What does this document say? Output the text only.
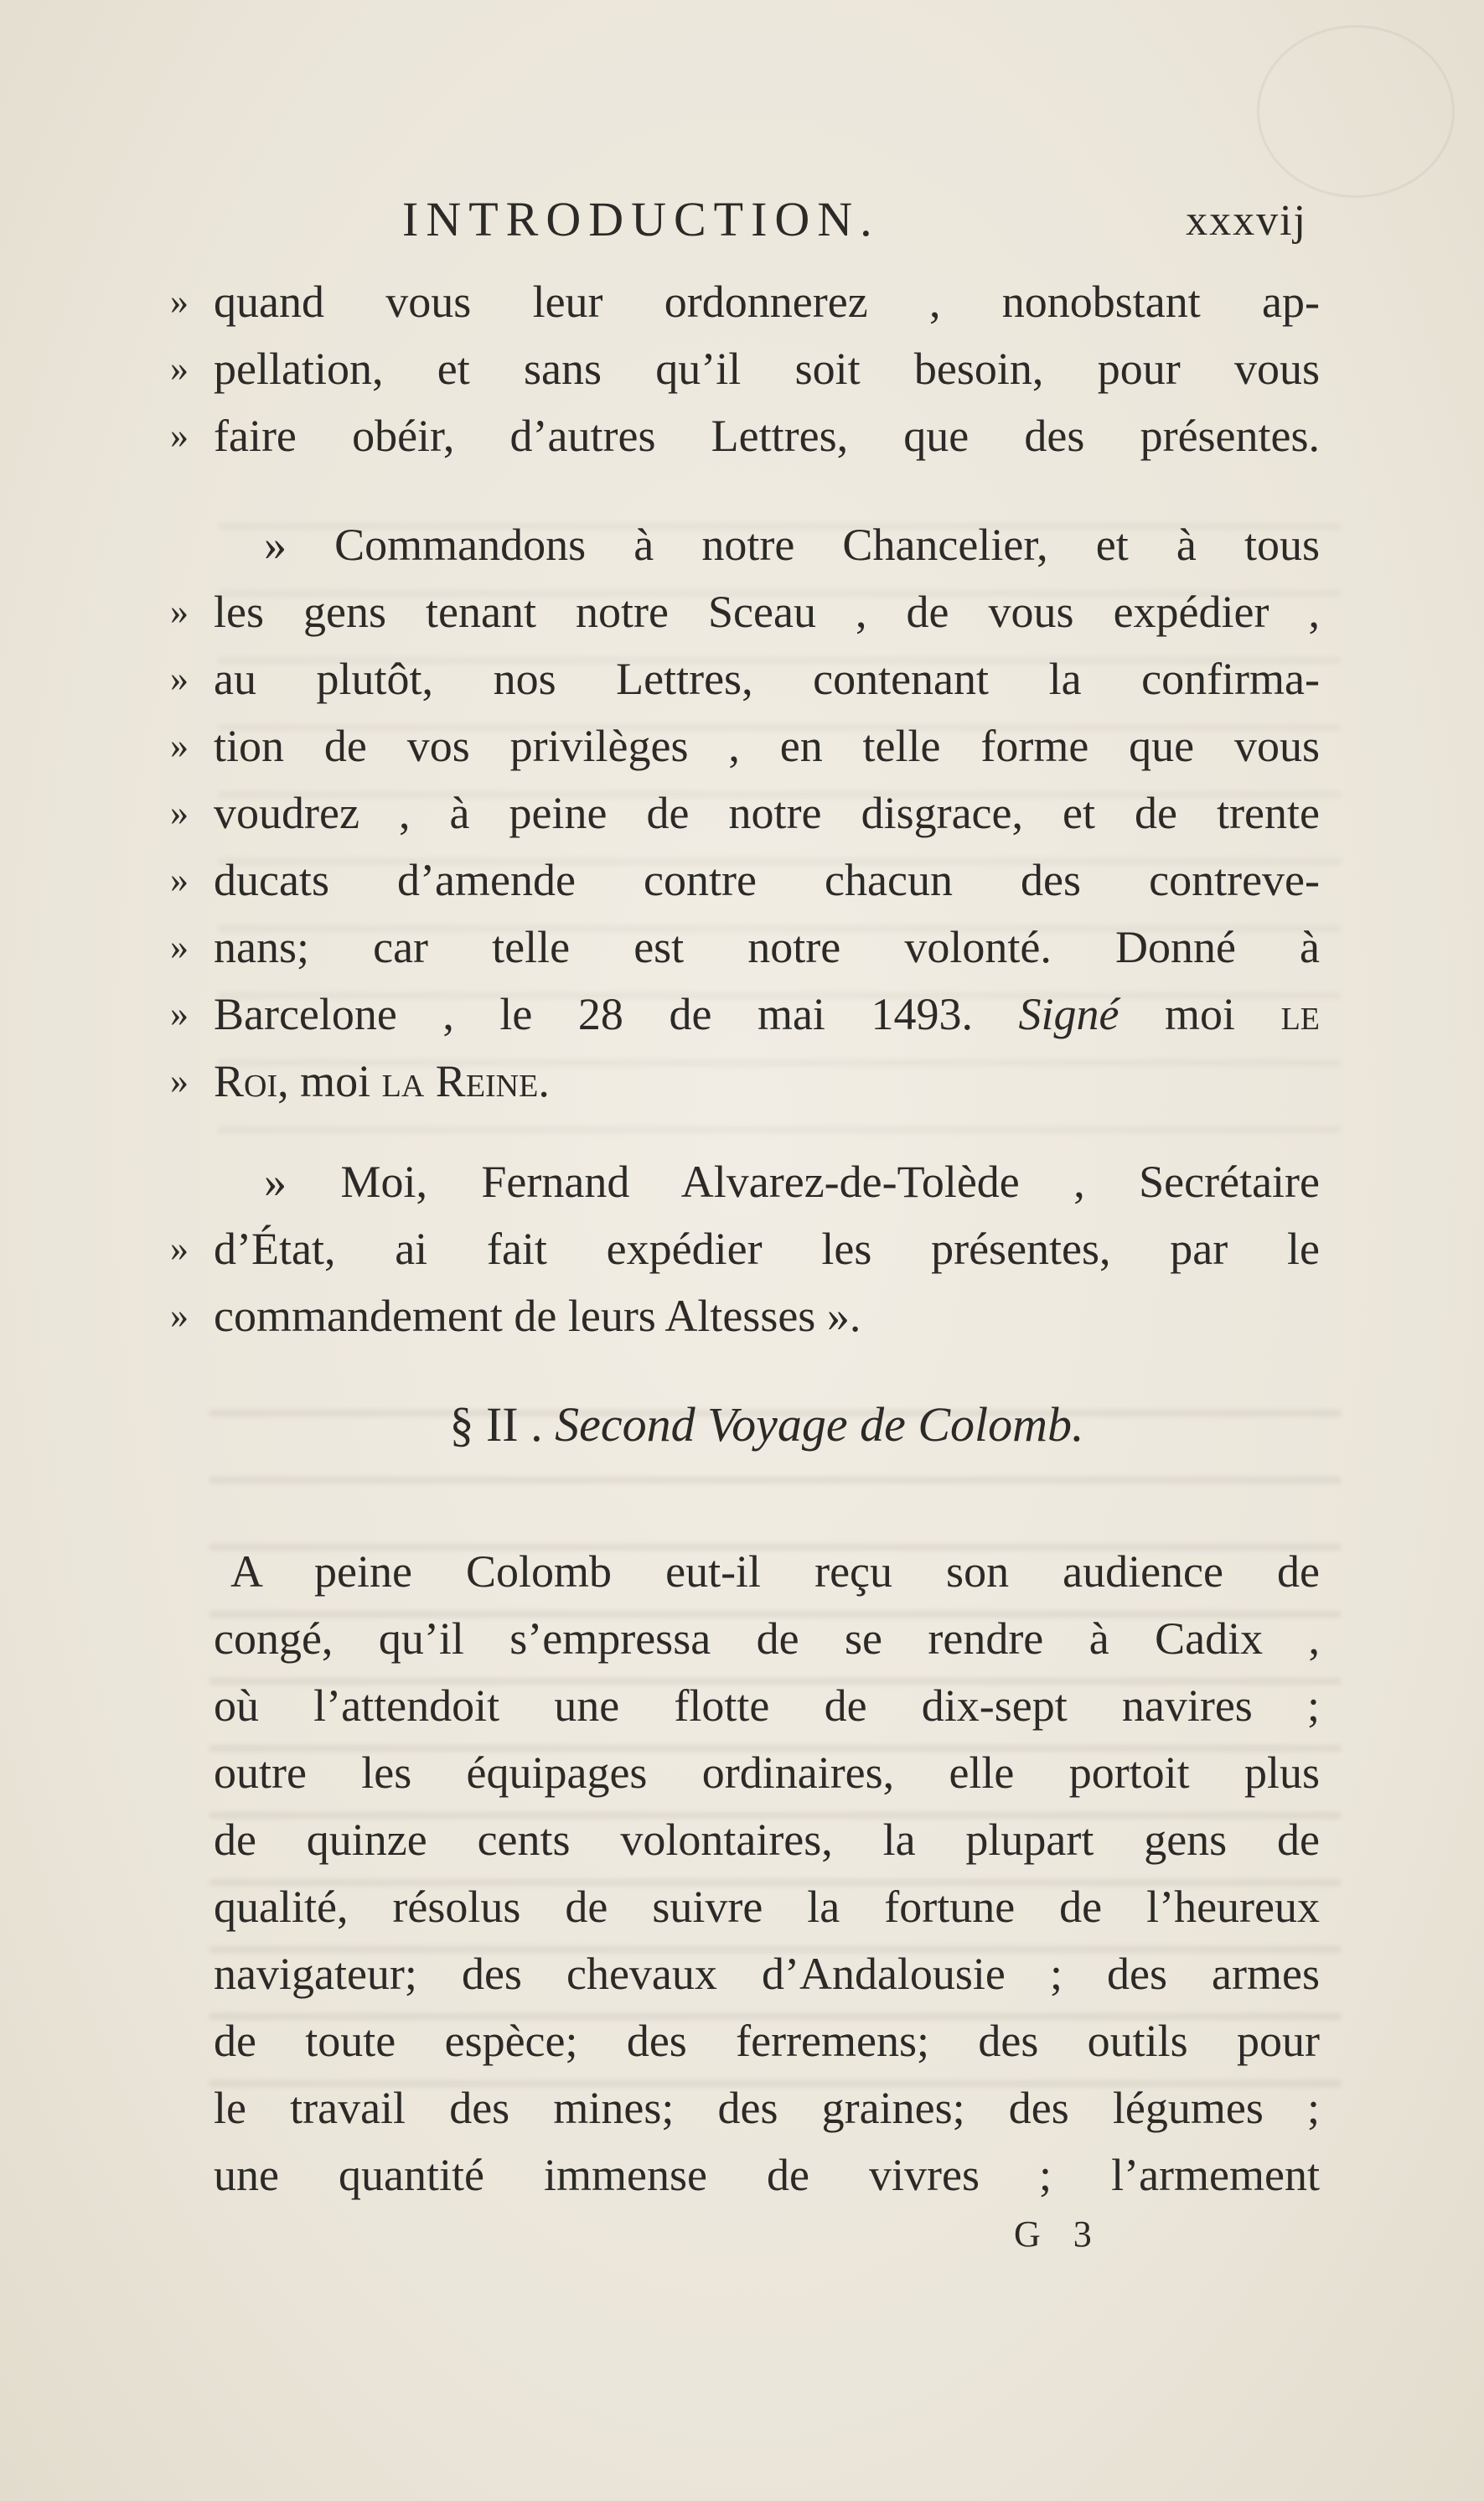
INTRODUCTION.	xxxvij
» quand vous leur ordonnerez , nonobstant ap-
» pellation, et sans qu’il soit besoin, pour vous
» faire obéir, d’autres Lettres, que des présentes.
» Commandons à notre Chancelier, et à tous
» les gens tenant notre Sceau , de vous expédier ,
» au plutôt, nos Lettres, contenant la confirma-
» tion de vos privilèges , en telle forme que vous
» voudrez , à peine de notre disgrace, et de trente
» ducats d’amende contre chacun des contreve-
» nans; car telle est notre volonté. Donné à
» Barcelone , le 28 de mai 1493. Signé moi le
» Roi, moi la Reine.
» Moi, Fernand Alvarez-de-Tolède , Secrétaire
» d’État, ai fait expédier les présentes, par le
» commandement de leurs Altesses ».
§ II . Second Voyage de Colomb.
A peine Colomb eut-il reçu son audience de
congé, qu’il s’empressa de se rendre à Cadix ,
où l’attendoit une flotte de dix-sept navires ;
outre les équipages ordinaires, elle portoit plus
de quinze cents volontaires, la plupart gens de
qualité, résolus de suivre la fortune de l’heureux
navigateur; des chevaux d’Andalousie ; des armes
de toute espèce; des ferremens; des outils pour
le travail des mines; des graines; des légumes ;
une quantité immense de vivres ; l’armement
G 3
